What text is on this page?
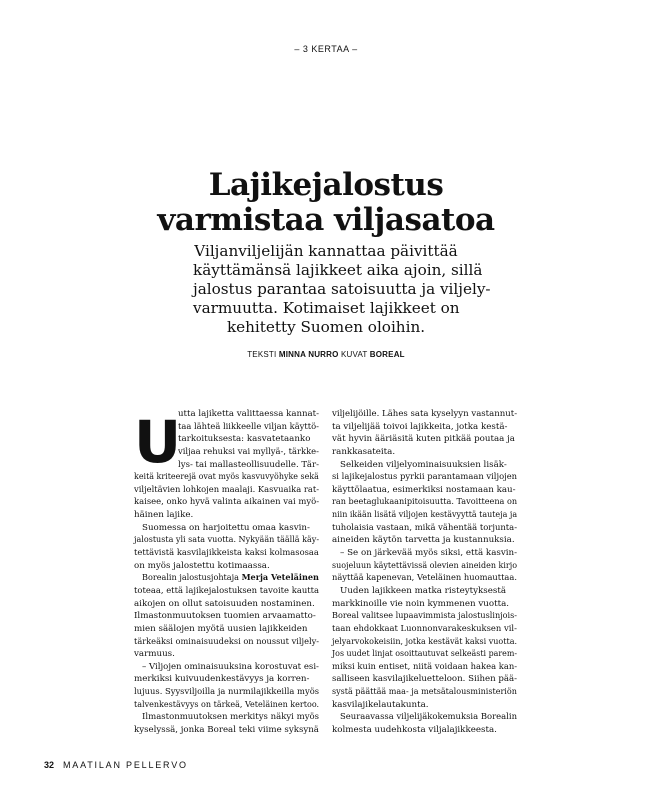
– 3 KERTAA –
Lajikejalostus
varmistaa viljasatoa

Viljanviljelijän kannattaa päivittää
käyttämänsä lajikkeet aika ajoin, sillä
jalostus parantaa satoisuutta ja viljely-
varmuutta. Kotimaiset lajikkeet on
kehitetty Suomen oloihin.

TEKSTI MINNA NURRO KUVAT BOREAL
U
utta lajiketta valittaessa kannat-
taa lähteä liikkeelle viljan käyttö-
tarkoituksesta: kasvatetaanko
viljaa rehuksi vai myllyä-, tärkke-
lys- tai mallasteollisuudelle. Tär-
keitä kriteerejä ovat myös kasvuvyöhyke sekä
viljeltävien lohkojen maalaji. Kasvuaika rat-
kaisee, onko hyvä valinta aikainen vai myö-
häinen lajike.
Suomessa on harjoitettu omaa kasvin-
jalostusta yli sata vuotta. Nykyään täällä käy-
tettävistä kasvilajikkeista kaksi kolmasosaa
on myös jalostettu kotimaassa.
Borealin jalostusjohtaja Merja Veteläinen
toteaa, että lajikejalostuksen tavoite kautta
aikojen on ollut satoisuuden nostaminen.
Ilmastonmuutoksen tuomien arvaamatto-
mien säälojen myötä uusien lajikkeiden
tärkeäksi ominaisuudeksi on noussut viljely-
varmuus.
– Viljojen ominaisuuksina korostuvat esi-
merkiksi kuivuudenkestävyys ja korren-
lujuus. Syysviljoilla ja nurmilajikkeilla myös
talvenkestävyys on tärkeä, Veteläinen kertoo.
Ilmastonmuutoksen merkitys näkyi myös
kyselyssä, jonka Boreal teki viime syksynä
viljelijöille. Lähes sata kyselyyn vastannut-
ta viljelijää toivoi lajikkeita, jotka kestä-
vät hyvin ääriäsitä kuten pitkää poutaa ja
rankkasateita.
Selkeiden viljelyominaisuuksien lisäk-
si lajikejalostus pyrkii parantamaan viljojen
käyttölaatua, esimerkiksi nostamaan kau-
ran beetaglukaanipitoisuutta. Tavoitteena on
niin ikään lisätä viljojen kestävyyttä tauteja ja
tuholaisia vastaan, mikä vähentää torjunta-
aineiden käytön tarvetta ja kustannuksia.
– Se on järkevää myös siksi, että kasvin-
suojeluun käytettävissä olevien aineiden kirjo
näyttää kapenevan, Veteläinen huomauttaa.
Uuden lajikkeen matka risteytyksestä
markkinoille vie noin kymmenen vuotta.
Boreal valitsee lupaavimmista jalostuslinjois-
taan ehdokkaat Luonnonvarakeskuksen vil-
jelyarvokokeisiin, jotka kestävät kaksi vuotta.
Jos uudet linjat osoittautuvat selkeästi parem-
miksi kuin entiset, niitä voidaan hakea kan-
salliseen kasvilajikeluetteloon. Siihen pää-
systä päättää maa- ja metsätalousministeriön
kasvilajikelautakunta.
Seuraavassa viljelijäkokemuksia Borealin
kolmesta uudehkosta viljalajikkeesta.
32 MAATILAN PELLERVO
